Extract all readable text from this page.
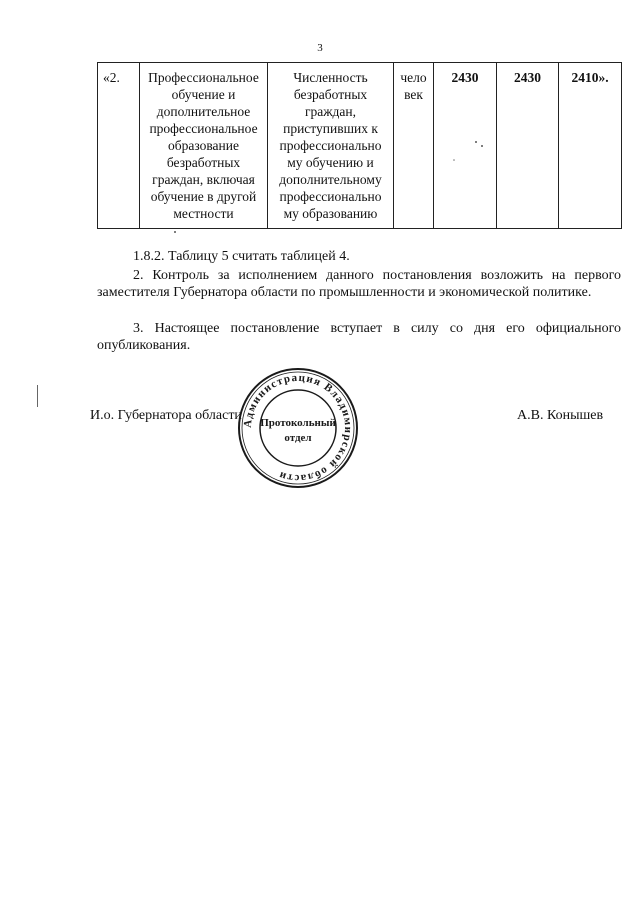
3
«2.	Профессиональное обучение и дополнительное профессиональное образование безработных граждан, включая обучение в другой местности	Численность безработных граждан, приступивших к профессионально му обучению и дополнительному профессионально му образованию	чело век	2430	2430	2410».
1.8.2. Таблицу 5 считать таблицей 4.
2. Контроль за исполнением данного постановления возложить на первого заместителя Губернатора области по промышленности и экономической политике.
3. Настоящее постановление вступает в силу со дня его официального опубликования.
И.о. Губернатора области	А.В. Конышев
Администрация Владимирской области
Протокольный
отдел
